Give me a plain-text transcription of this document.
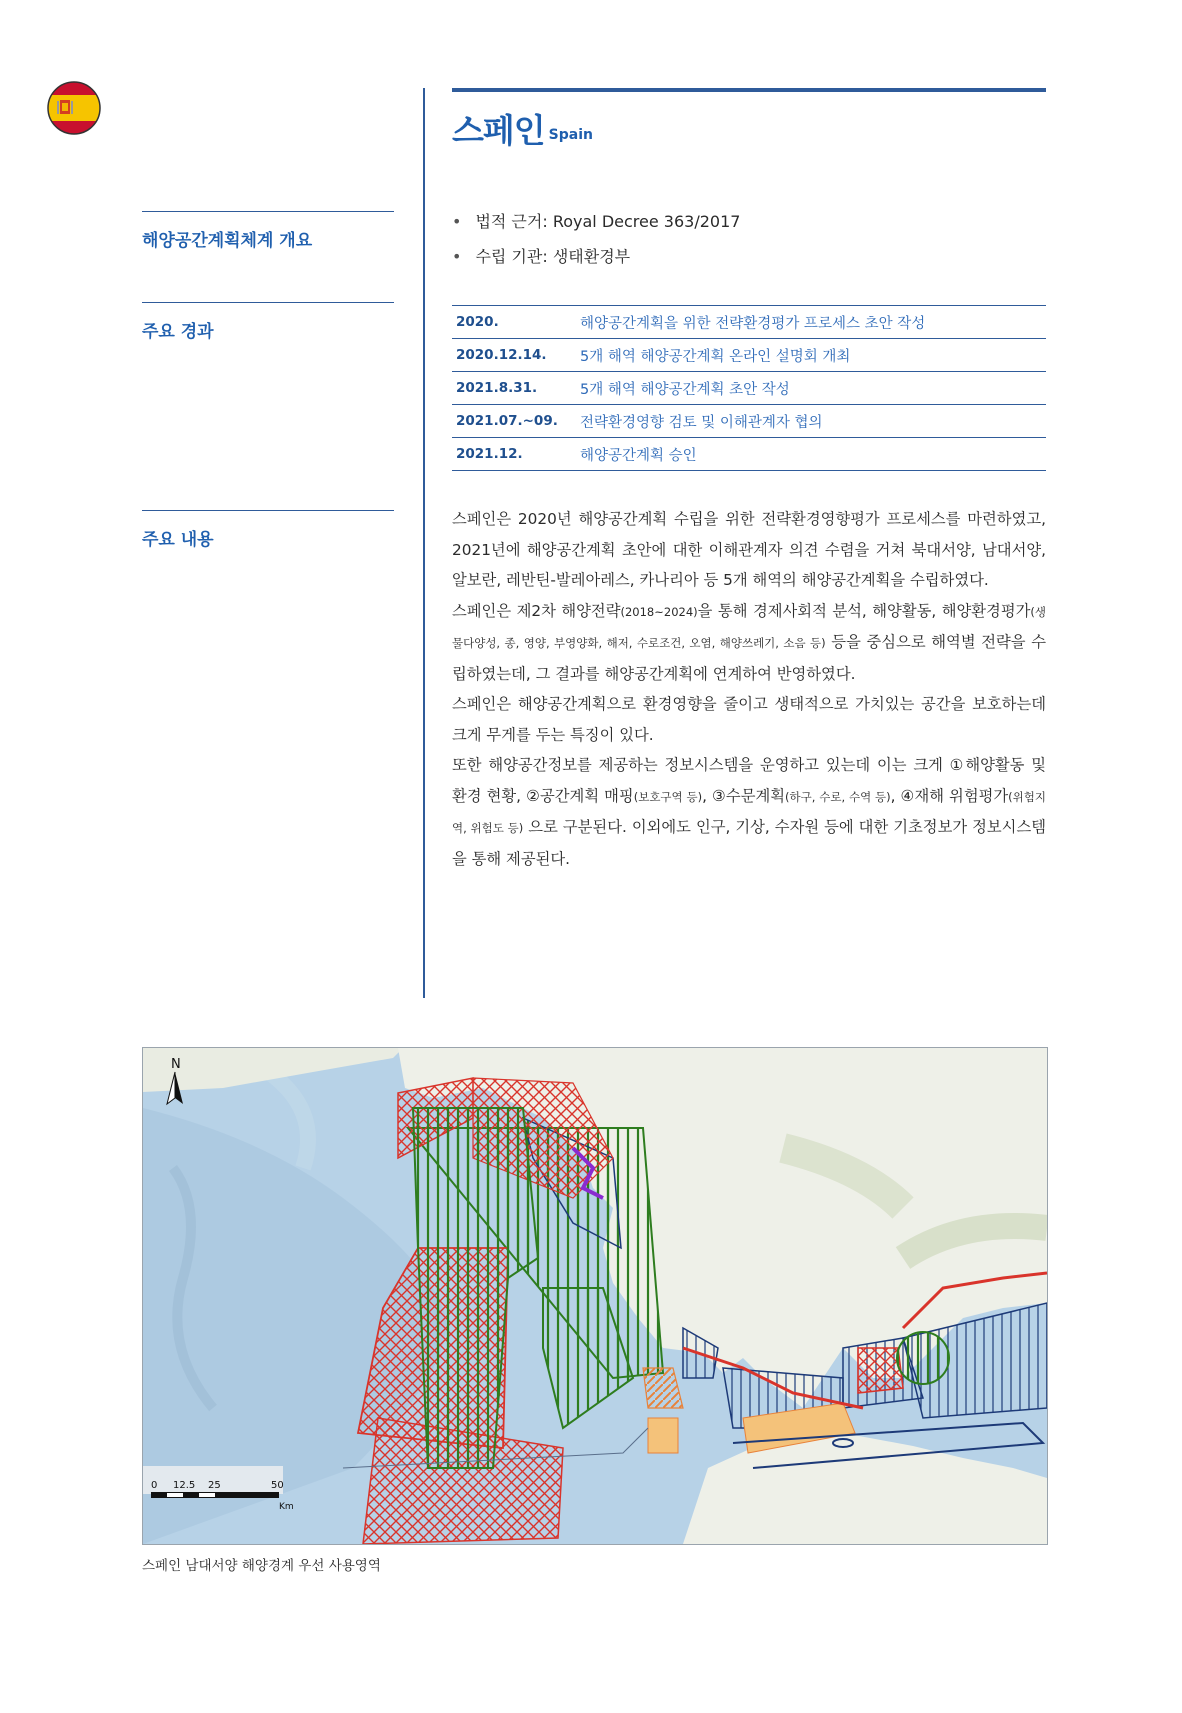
스페인 $^{Spain}$
해양공간계획체계 개요
주요 경과
주요 내용
• 법적 근거: Royal Decree 363/2017
• 수립 기관: 생태환경부
2020.	해양공간계획을 위한 전략환경평가 프로세스 초안 작성
2020.12.14.	5개 해역 해양공간계획 온라인 설명회 개최
2021.8.31.	5개 해역 해양공간계획 초안 작성
2021.07.~09.	전략환경영향 검토 및 이해관계자 협의
2021.12.	해양공간계획 승인

스페인은 2020년 해양공간계획 수립을 위한 전략환경영향평가 프로세스를 마련하였고, 2021년에 해양공간계획 초안에 대한 이해관계자 의견 수렴을 거쳐 북대서양, 남대서양, 알보란, 레반틴-발레아레스, 카나리아 등 5개 해역의 해양공간계획을 수립하였다.

스페인은 제2차 해양전략(2018~2024)을 통해 경제사회적 분석, 해양활동, 해양환경평가(생물다양성, 종, 영양, 부영양화, 해저, 수로조건, 오염, 해양쓰레기, 소음 등) 등을 중심으로 해역별 전략을 수립하였는데, 그 결과를 해양공간계획에 연계하여 반영하였다.

스페인은 해양공간계획으로 환경영향을 줄이고 생태적으로 가치있는 공간을 보호하는데 크게 무게를 두는 특징이 있다.

또한 해양공간정보를 제공하는 정보시스템을 운영하고 있는데 이는 크게 ①해양활동 및 환경 현황, ②공간계획 매핑(보호구역 등), ③수문계획(하구, 수로, 수역 등), ④재해 위험평가(위험지역, 위험도 등) 으로 구분된다. 이외에도 인구, 기상, 수자원 등에 대한 기초정보가 정보시스템을 통해 제공된다.

N
0 12.5 25	50
Km
스페인 남대서양 해양경계 우선 사용영역
